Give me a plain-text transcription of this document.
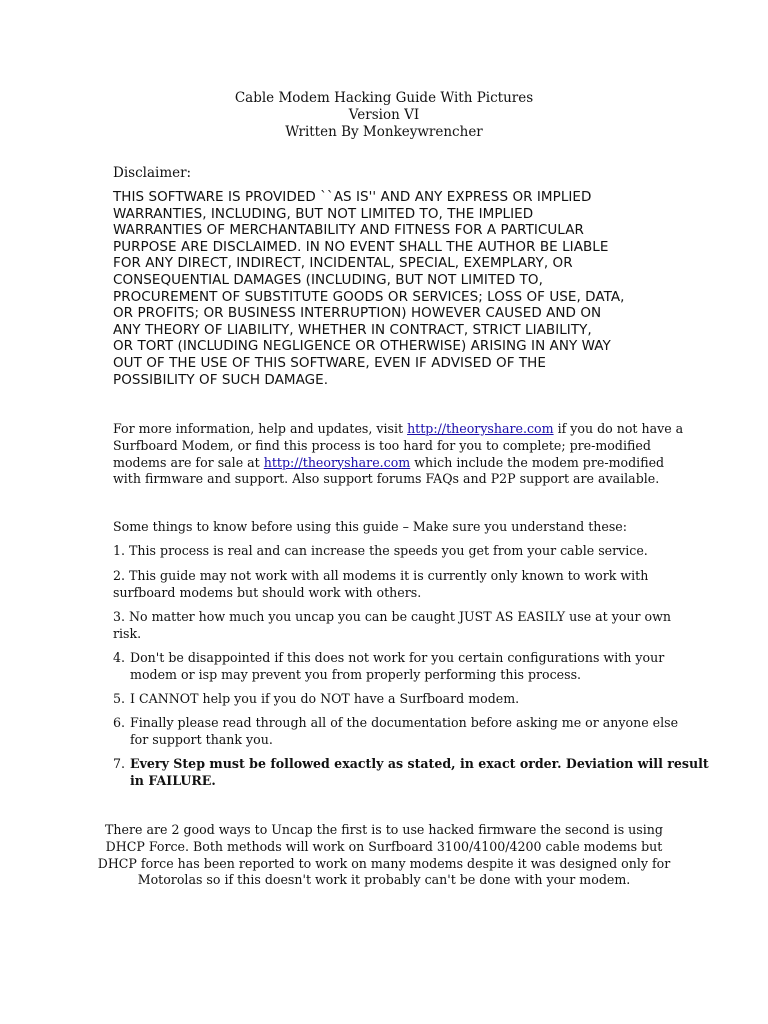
Cable Modem Hacking Guide With Pictures
Version VI
Written By Monkeywrencher
Disclaimer:
THIS SOFTWARE IS PROVIDED ``AS IS'' AND ANY EXPRESS OR IMPLIED
WARRANTIES, INCLUDING, BUT NOT LIMITED TO, THE IMPLIED
WARRANTIES OF MERCHANTABILITY AND FITNESS FOR A PARTICULAR
PURPOSE ARE DISCLAIMED. IN NO EVENT SHALL THE AUTHOR BE LIABLE
FOR ANY DIRECT, INDIRECT, INCIDENTAL, SPECIAL, EXEMPLARY, OR
CONSEQUENTIAL DAMAGES (INCLUDING, BUT NOT LIMITED TO,
PROCUREMENT OF SUBSTITUTE GOODS OR SERVICES; LOSS OF USE, DATA,
OR PROFITS; OR BUSINESS INTERRUPTION) HOWEVER CAUSED AND ON
ANY THEORY OF LIABILITY, WHETHER IN CONTRACT, STRICT LIABILITY,
OR TORT (INCLUDING NEGLIGENCE OR OTHERWISE) ARISING IN ANY WAY
OUT OF THE USE OF THIS SOFTWARE, EVEN IF ADVISED OF THE
POSSIBILITY OF SUCH DAMAGE.
For more information, help and updates, visit http://theoryshare.com if you do not have a
Surfboard Modem, or find this process is too hard for you to complete; pre-modified
modems are for sale at http://theoryshare.com which include the modem pre-modified
with firmware and support. Also support forums FAQs and P2P support are available.
Some things to know before using this guide – Make sure you understand these:
1. This process is real and can increase the speeds you get from your cable service.
2. This guide may not work with all modems it is currently only known to work with
surfboard modems but should work with others.
3. No matter how much you uncap you can be caught JUST AS EASILY use at your own
risk.
4. Don't be disappointed if this does not work for you certain configurations with your
modem or isp may prevent you from properly performing this process.
5. I CANNOT help you if you do NOT have a Surfboard modem.
6. Finally please read through all of the documentation before asking me or anyone else
for support thank you.
7. Every Step must be followed exactly as stated, in exact order. Deviation will result
in FAILURE.
There are 2 good ways to Uncap the first is to use hacked firmware the second is using
DHCP Force. Both methods will work on Surfboard 3100/4100/4200 cable modems but
DHCP force has been reported to work on many modems despite it was designed only for
Motorolas so if this doesn't work it probably can't be done with your modem.
